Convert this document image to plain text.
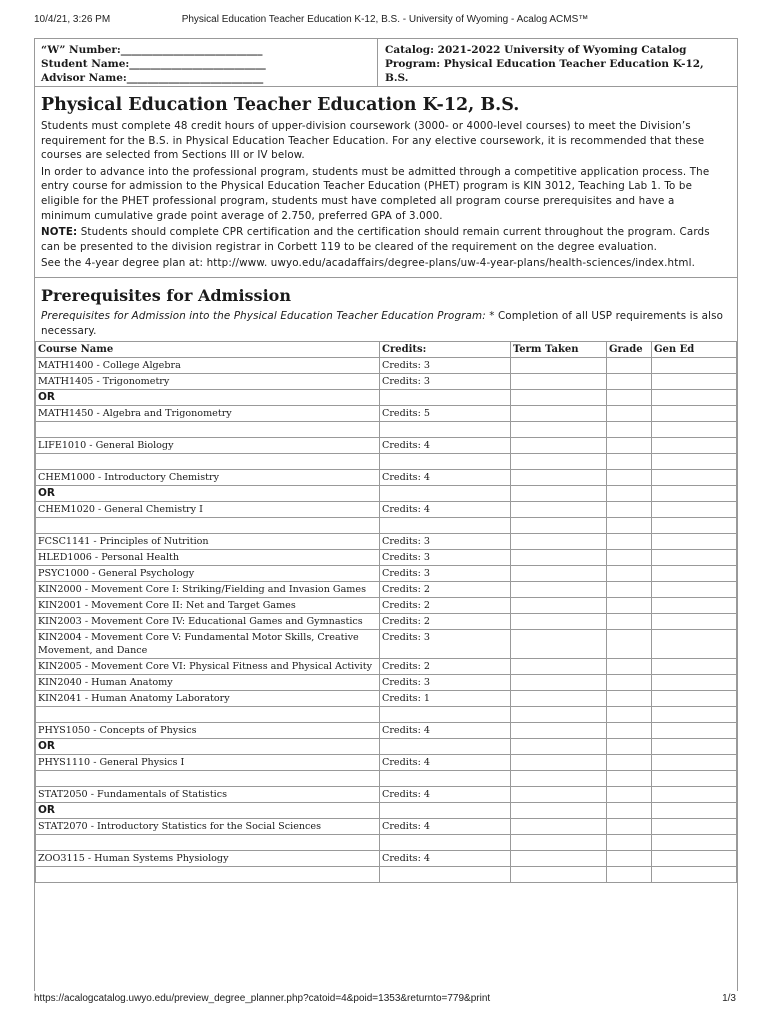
10/4/21, 3:26 PM	Physical Education Teacher Education K-12, B.S. - University of Wyoming - Acalog ACMS™
“W” Number:___________________________
Student Name:__________________________
Advisor Name:__________________________
Catalog: 2021-2022 University of Wyoming Catalog
Program: Physical Education Teacher Education K-12, B.S.
Physical Education Teacher Education K-12, B.S.
Students must complete 48 credit hours of upper-division coursework (3000- or 4000-level courses) to meet the Division’s requirement for the B.S. in Physical Education Teacher Education. For any elective coursework, it is recommended that these courses are selected from Sections III or IV below.
In order to advance into the professional program, students must be admitted through a competitive application process. The entry course for admission to the Physical Education Teacher Education (PHET) program is KIN 3012, Teaching Lab 1. To be eligible for the PHET professional program, students must have completed all program course prerequisites and have a minimum cumulative grade point average of 2.750, preferred GPA of 3.000.
NOTE: Students should complete CPR certification and the certification should remain current throughout the program. Cards can be presented to the division registrar in Corbett 119 to be cleared of the requirement on the degree evaluation.
See the 4-year degree plan at: http://www. uwyo.edu/acadaffairs/degree-plans/uw-4-year-plans/health-sciences/index.html.
Prerequisites for Admission
Prerequisites for Admission into the Physical Education Teacher Education Program: * Completion of all USP requirements is also necessary.
Course Name	Credits:	Term Taken	Grade	Gen Ed
MATH1400 - College Algebra	Credits: 3			
MATH1405 - Trigonometry	Credits: 3			
OR				
MATH1450 - Algebra and Trigonometry	Credits: 5			

LIFE1010 - General Biology	Credits: 4			

CHEM1000 - Introductory Chemistry	Credits: 4			
OR				
CHEM1020 - General Chemistry I	Credits: 4			

FCSC1141 - Principles of Nutrition	Credits: 3			
HLED1006 - Personal Health	Credits: 3			
PSYC1000 - General Psychology	Credits: 3			
KIN2000 - Movement Core I: Striking/Fielding and Invasion Games	Credits: 2			
KIN2001 - Movement Core II: Net and Target Games	Credits: 2			
KIN2003 - Movement Core IV: Educational Games and Gymnastics	Credits: 2			
KIN2004 - Movement Core V: Fundamental Motor Skills, Creative Movement, and Dance	Credits: 3			
KIN2005 - Movement Core VI: Physical Fitness and Physical Activity	Credits: 2			
KIN2040 - Human Anatomy	Credits: 3			
KIN2041 - Human Anatomy Laboratory	Credits: 1			

PHYS1050 - Concepts of Physics	Credits: 4			
OR				
PHYS1110 - General Physics I	Credits: 4			

STAT2050 - Fundamentals of Statistics	Credits: 4			
OR				
STAT2070 - Introductory Statistics for the Social Sciences	Credits: 4			

ZOO3115 - Human Systems Physiology	Credits: 4			

https://acalogcatalog.uwyo.edu/preview_degree_planner.php?catoid=4&poid=1353&returnto=779&print	1/3
